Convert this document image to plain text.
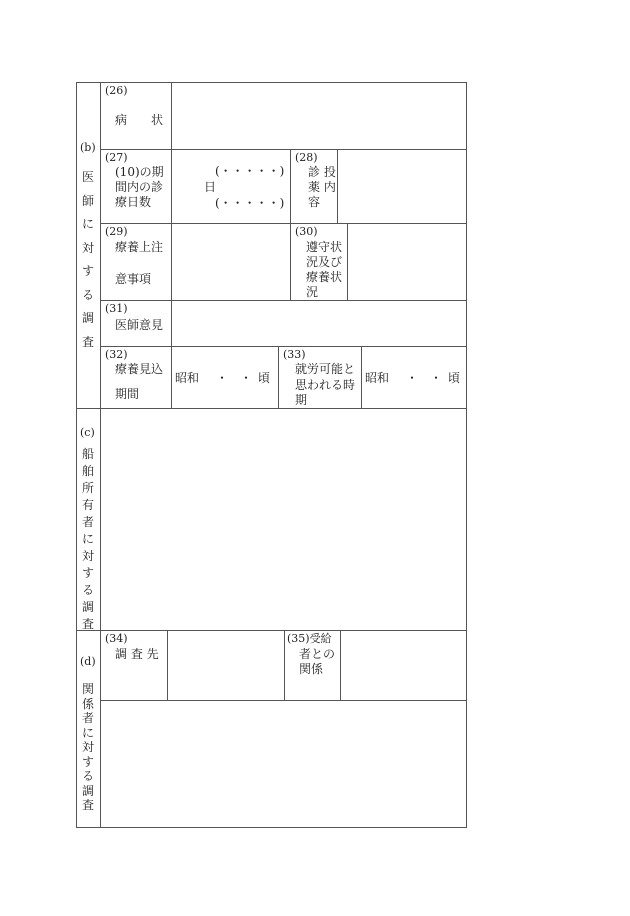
(b)
医師に対する調査
(c)
船舶所有者に対する調査
(d)
関係者に対する調査
(26)
病　　状
(27)
(10)の期
間内の診
療日数
(・・・・・)
日
(・・・・・)
(28)
診 投
薬 内
容
(29)
療養上注
意事項
(30)
遵守状
況及び
療養状
況
(31)
医師意見
(32)
療養見込
期間
昭和 ・　・ 頃
(33)
就労可能と
思われる時
期
昭和 ・　・ 頃
(34)
調 査 先
(35)受給
者との
関係
